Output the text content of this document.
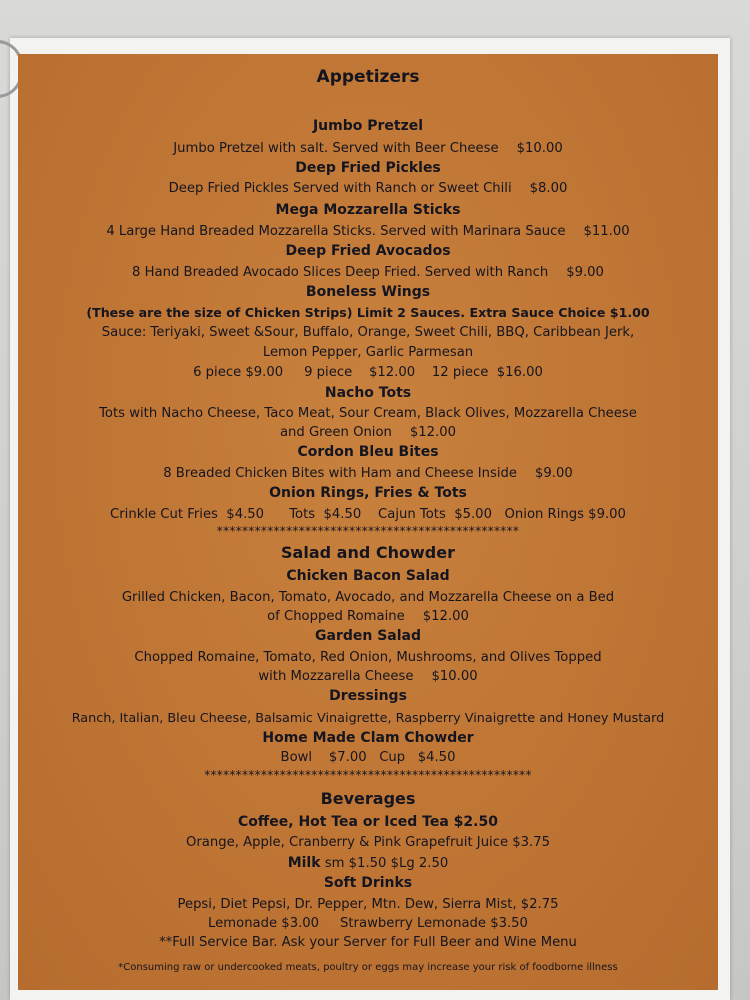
Appetizers
Jumbo Pretzel
Jumbo Pretzel with salt. Served with Beer Cheese $10.00
Deep Fried Pickles
Deep Fried Pickles Served with Ranch or Sweet Chili $8.00
Mega Mozzarella Sticks
4 Large Hand Breaded Mozzarella Sticks. Served with Marinara Sauce $11.00
Deep Fried Avocados
8 Hand Breaded Avocado Slices Deep Fried. Served with Ranch $9.00
Boneless Wings
(These are the size of Chicken Strips) Limit 2 Sauces. Extra Sauce Choice $1.00
Sauce: Teriyaki, Sweet &Sour, Buffalo, Orange, Sweet Chili, BBQ, Caribbean Jerk,
Lemon Pepper, Garlic Parmesan
6 piece $9.00     9 piece    $12.00    12 piece  $16.00
Nacho Tots
Tots with Nacho Cheese, Taco Meat, Sour Cream, Black Olives, Mozzarella Cheese
and Green Onion $12.00
Cordon Bleu Bites
8 Breaded Chicken Bites with Ham and Cheese Inside $9.00
Onion Rings, Fries & Tots
Crinkle Cut Fries  $4.50      Tots  $4.50    Cajun Tots  $5.00   Onion Rings $9.00
************************************************
Salad and Chowder
Chicken Bacon Salad
Grilled Chicken, Bacon, Tomato, Avocado, and Mozzarella Cheese on a Bed
of Chopped Romaine $12.00
Garden Salad
Chopped Romaine, Tomato, Red Onion, Mushrooms, and Olives Topped
with Mozzarella Cheese $10.00
Dressings
Ranch, Italian, Bleu Cheese, Balsamic Vinaigrette, Raspberry Vinaigrette and Honey Mustard
Home Made Clam Chowder
Bowl    $7.00   Cup   $4.50
****************************************************
Beverages
Coffee, Hot Tea or Iced Tea $2.50
Orange, Apple, Cranberry & Pink Grapefruit Juice $3.75
Milk sm $1.50 $Lg 2.50
Soft Drinks
Pepsi, Diet Pepsi, Dr. Pepper, Mtn. Dew, Sierra Mist, $2.75
Lemonade $3.00     Strawberry Lemonade $3.50
**Full Service Bar. Ask your Server for Full Beer and Wine Menu
*Consuming raw or undercooked meats, poultry or eggs may increase your risk of foodborne illness
